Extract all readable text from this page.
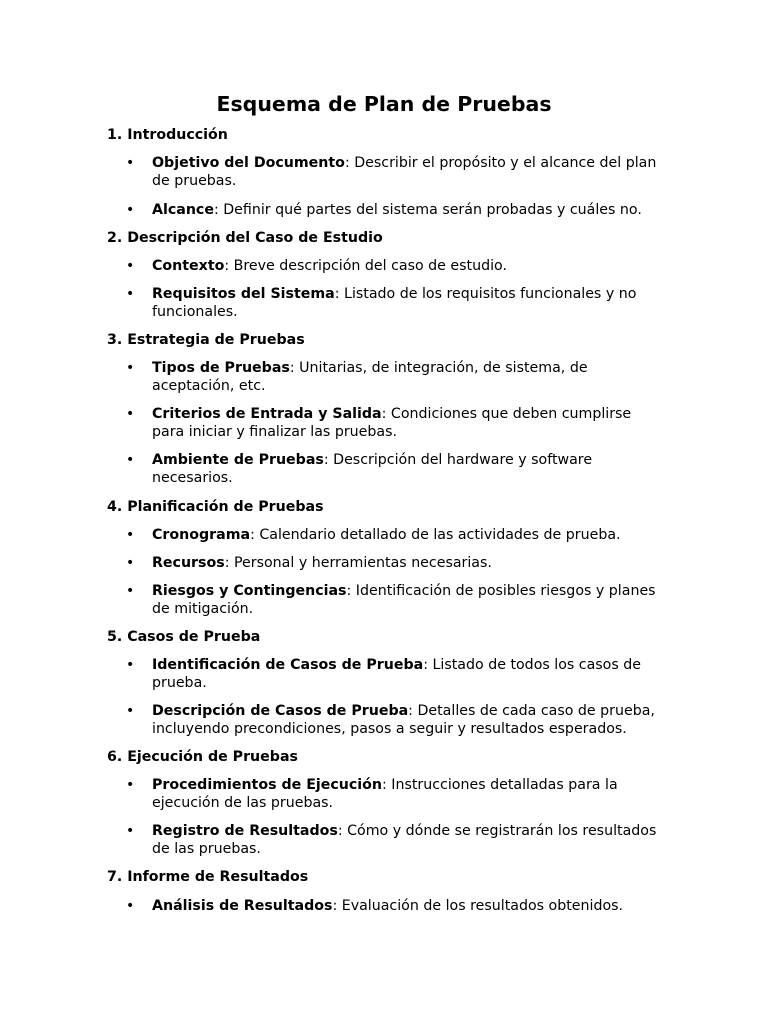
Esquema de Plan de Pruebas
1. Introducción
•	Objetivo del Documento: Describir el propósito y el alcance del plan de pruebas.
•	Alcance: Definir qué partes del sistema serán probadas y cuáles no.
2. Descripción del Caso de Estudio
•	Contexto: Breve descripción del caso de estudio.
•	Requisitos del Sistema: Listado de los requisitos funcionales y no funcionales.
3. Estrategia de Pruebas
•	Tipos de Pruebas: Unitarias, de integración, de sistema, de aceptación, etc.
•	Criterios de Entrada y Salida: Condiciones que deben cumplirse para iniciar y finalizar las pruebas.
•	Ambiente de Pruebas: Descripción del hardware y software necesarios.
4. Planificación de Pruebas
•	Cronograma: Calendario detallado de las actividades de prueba.
•	Recursos: Personal y herramientas necesarias.
•	Riesgos y Contingencias: Identificación de posibles riesgos y planes de mitigación.
5. Casos de Prueba
•	Identificación de Casos de Prueba: Listado de todos los casos de prueba.
•	Descripción de Casos de Prueba: Detalles de cada caso de prueba, incluyendo precondiciones, pasos a seguir y resultados esperados.
6. Ejecución de Pruebas
•	Procedimientos de Ejecución: Instrucciones detalladas para la ejecución de las pruebas.
•	Registro de Resultados: Cómo y dónde se registrarán los resultados de las pruebas.
7. Informe de Resultados
•	Análisis de Resultados: Evaluación de los resultados obtenidos.
